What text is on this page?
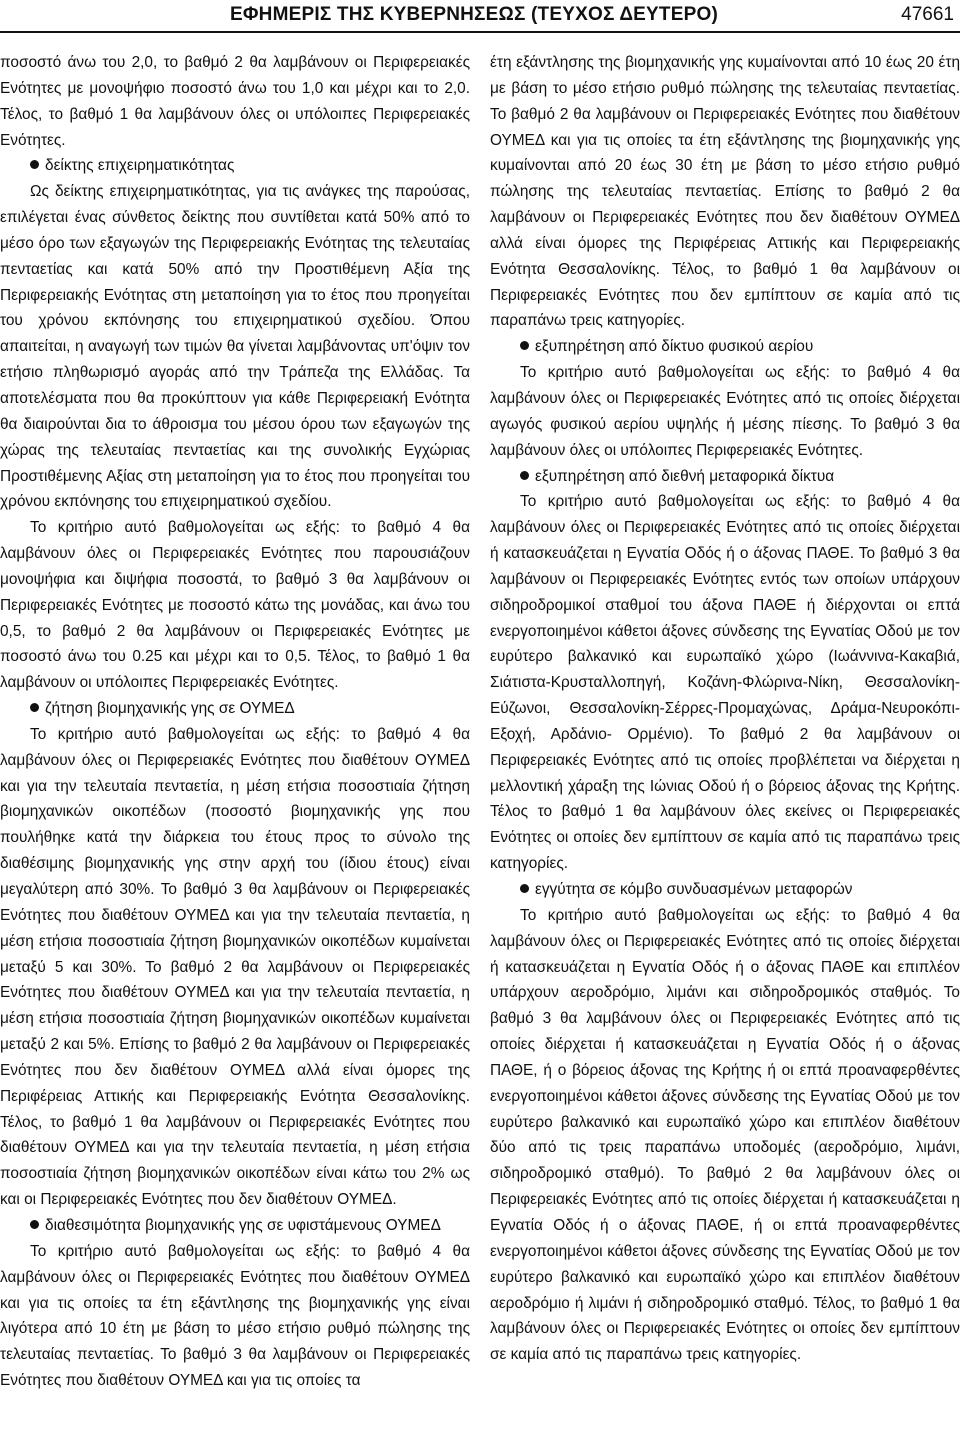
ΕΦΗΜΕΡΙΣ ΤΗΣ ΚΥΒΕΡΝΗΣΕΩΣ (ΤΕΥΧΟΣ ΔΕΥΤΕΡΟ)	47661

ποσοστό άνω του 2,0, το βαθμό 2 θα λαμβάνουν οι Περιφερειακές Ενότητες με μονοψήφιο ποσοστό άνω του 1,0 και μέχρι και το 2,0. Τέλος, το βαθμό 1 θα λαμβάνουν όλες οι υπόλοιπες Περιφερειακές Ενότητες.

δείκτης επιχειρηματικότητας

Ως δείκτης επιχειρηματικότητας, για τις ανάγκες της παρούσας, επιλέγεται ένας σύνθετος δείκτης που συντίθεται κατά 50% από το μέσο όρο των εξαγωγών της Περιφερειακής Ενότητας της τελευταίας πενταετίας και κατά 50% από την Προστιθέμενη Αξία της Περιφερειακής Ενότητας στη μεταποίηση για το έτος που προηγείται του χρόνου εκπόνησης του επιχειρηματικού σχεδίου. Όπου απαιτείται, η αναγωγή των τιμών θα γίνεται λαμβάνοντας υπ'όψιν τον ετήσιο πληθωρισμό αγοράς από την Τράπεζα της Ελλάδας. Τα αποτελέσματα που θα προκύπτουν για κάθε Περιφερειακή Ενότητα θα διαιρούνται δια το άθροισμα του μέσου όρου των εξαγωγών της χώρας της τελευταίας πενταετίας και της συνολικής Εγχώριας Προστιθέμενης Αξίας στη μεταποίηση για το έτος που προηγείται του χρόνου εκπόνησης του επιχειρηματικού σχεδίου.

Το κριτήριο αυτό βαθμολογείται ως εξής: το βαθμό 4 θα λαμβάνουν όλες οι Περιφερειακές Ενότητες που παρουσιάζουν μονοψήφια και διψήφια ποσοστά, το βαθμό 3 θα λαμβάνουν οι Περιφερειακές Ενότητες με ποσοστό κάτω της μονάδας, και άνω του 0,5, το βαθμό 2 θα λαμβάνουν οι Περιφερειακές Ενότητες με ποσοστό άνω του 0.25 και μέχρι και το 0,5. Τέλος, το βαθμό 1 θα λαμβάνουν οι υπόλοιπες Περιφερειακές Ενότητες.

ζήτηση βιομηχανικής γης σε ΟΥΜΕΔ

Το κριτήριο αυτό βαθμολογείται ως εξής: το βαθμό 4 θα λαμβάνουν όλες οι Περιφερειακές Ενότητες που διαθέτουν ΟΥΜΕΔ και για την τελευταία πενταετία, η μέση ετήσια ποσοστιαία ζήτηση βιομηχανικών οικοπέδων (ποσοστό βιομηχανικής γης που πουλήθηκε κατά την διάρκεια του έτους προς το σύνολο της διαθέσιμης βιομηχανικής γης στην αρχή του (ίδιου έτους) είναι μεγαλύτερη από 30%. Το βαθμό 3 θα λαμβάνουν οι Περιφερειακές Ενότητες που διαθέτουν ΟΥΜΕΔ και για την τελευταία πενταετία, η μέση ετήσια ποσοστιαία ζήτηση βιομηχανικών οικοπέδων κυμαίνεται μεταξύ 5 και 30%. Το βαθμό 2 θα λαμβάνουν οι Περιφερειακές Ενότητες που διαθέτουν ΟΥΜΕΔ και για την τελευταία πενταετία, η μέση ετήσια ποσοστιαία ζήτηση βιομηχανικών οικοπέδων κυμαίνεται μεταξύ 2 και 5%. Επίσης το βαθμό 2 θα λαμβάνουν οι Περιφερειακές Ενότητες που δεν διαθέτουν ΟΥΜΕΔ αλλά είναι όμορες της Περιφέρειας Αττικής και Περιφερειακής Ενότητα Θεσσαλονίκης. Τέλος, το βαθμό 1 θα λαμβάνουν οι Περιφερειακές Ενότητες που διαθέτουν ΟΥΜΕΔ και για την τελευταία πενταετία, η μέση ετήσια ποσοστιαία ζήτηση βιομηχανικών οικοπέδων είναι κάτω του 2% ως και οι Περιφερειακές Ενότητες που δεν διαθέτουν ΟΥΜΕΔ.

διαθεσιμότητα βιομηχανικής γης σε υφιστάμενους ΟΥΜΕΔ

Το κριτήριο αυτό βαθμολογείται ως εξής: το βαθμό 4 θα λαμβάνουν όλες οι Περιφερειακές Ενότητες που διαθέτουν ΟΥΜΕΔ και για τις οποίες τα έτη εξάντλησης της βιομηχανικής γης είναι λιγότερα από 10 έτη με βάση το μέσο ετήσιο ρυθμό πώλησης της τελευταίας πενταετίας. Το βαθμό 3 θα λαμβάνουν οι Περιφερειακές Ενότητες που διαθέτουν ΟΥΜΕΔ και για τις οποίες τα

έτη εξάντλησης της βιομηχανικής γης κυμαίνονται από 10 έως 20 έτη με βάση το μέσο ετήσιο ρυθμό πώλησης της τελευταίας πενταετίας. Το βαθμό 2 θα λαμβάνουν οι Περιφερειακές Ενότητες που διαθέτουν ΟΥΜΕΔ και για τις οποίες τα έτη εξάντλησης της βιομηχανικής γης κυμαίνονται από 20 έως 30 έτη με βάση το μέσο ετήσιο ρυθμό πώλησης της τελευταίας πενταετίας. Επίσης το βαθμό 2 θα λαμβάνουν οι Περιφερειακές Ενότητες που δεν διαθέτουν ΟΥΜΕΔ αλλά είναι όμορες της Περιφέρειας Αττικής και Περιφερειακής Ενότητα Θεσσαλονίκης. Τέλος, το βαθμό 1 θα λαμβάνουν οι Περιφερειακές Ενότητες που δεν εμπίπτουν σε καμία από τις παραπάνω τρεις κατηγορίες.

εξυπηρέτηση από δίκτυο φυσικού αερίου

Το κριτήριο αυτό βαθμολογείται ως εξής: το βαθμό 4 θα λαμβάνουν όλες οι Περιφερειακές Ενότητες από τις οποίες διέρχεται αγωγός φυσικού αερίου υψηλής ή μέσης πίεσης. Το βαθμό 3 θα λαμβάνουν όλες οι υπόλοιπες Περιφερειακές Ενότητες.

εξυπηρέτηση από διεθνή μεταφορικά δίκτυα

Το κριτήριο αυτό βαθμολογείται ως εξής: το βαθμό 4 θα λαμβάνουν όλες οι Περιφερειακές Ενότητες από τις οποίες διέρχεται ή κατασκευάζεται η Εγνατία Οδός ή ο άξονας ΠΑΘΕ. Το βαθμό 3 θα λαμβάνουν οι Περιφερειακές Ενότητες εντός των οποίων υπάρχουν σιδηροδρομικοί σταθμοί του άξονα ΠΑΘΕ ή διέρχονται οι επτά ενεργοποιημένοι κάθετοι άξονες σύνδεσης της Εγνατίας Οδού με τον ευρύτερο βαλκανικό και ευρωπαϊκό χώρο (Ιωάννινα-Κακαβιά, Σιάτιστα-Κρυσταλλοπηγή, Κοζάνη-Φλώρινα-Νίκη, Θεσσαλονίκη-Εύζωνοι, Θεσσαλονίκη-Σέρρες-Προμαχώνας, Δράμα-Νευροκόπι-Εξοχή, Αρδάνιο- Ορμένιο). Το βαθμό 2 θα λαμβάνουν οι Περιφερειακές Ενότητες από τις οποίες προβλέπεται να διέρχεται η μελλοντική χάραξη της Ιώνιας Οδού ή ο βόρειος άξονας της Κρήτης. Τέλος το βαθμό 1 θα λαμβάνουν όλες εκείνες οι Περιφερειακές Ενότητες οι οποίες δεν εμπίπτουν σε καμία από τις παραπάνω τρεις κατηγορίες.

εγγύτητα σε κόμβο συνδυασμένων μεταφορών

Το κριτήριο αυτό βαθμολογείται ως εξής: το βαθμό 4 θα λαμβάνουν όλες οι Περιφερειακές Ενότητες από τις οποίες διέρχεται ή κατασκευάζεται η Εγνατία Οδός ή ο άξονας ΠΑΘΕ και επιπλέον υπάρχουν αεροδρόμιο, λιμάνι και σιδηροδρομικός σταθμός. Το βαθμό 3 θα λαμβάνουν όλες οι Περιφερειακές Ενότητες από τις οποίες διέρχεται ή κατασκευάζεται η Εγνατία Οδός ή ο άξονας ΠΑΘΕ, ή ο βόρειος άξονας της Κρήτης ή οι επτά προαναφερθέντες ενεργοποιημένοι κάθετοι άξονες σύνδεσης της Εγνατίας Οδού με τον ευρύτερο βαλκανικό και ευρωπαϊκό χώρο και επιπλέον διαθέτουν δύο από τις τρεις παραπάνω υποδομές (αεροδρόμιο, λιμάνι, σιδηροδρομικό σταθμό). Το βαθμό 2 θα λαμβάνουν όλες οι Περιφερειακές Ενότητες από τις οποίες διέρχεται ή κατασκευάζεται η Εγνατία Οδός ή ο άξονας ΠΑΘΕ, ή οι επτά προαναφερθέντες ενεργοποιημένοι κάθετοι άξονες σύνδεσης της Εγνατίας Οδού με τον ευρύτερο βαλκανικό και ευρωπαϊκό χώρο και επιπλέον διαθέτουν αεροδρόμιο ή λιμάνι ή σιδηροδρομικό σταθμό. Τέλος, το βαθμό 1 θα λαμβάνουν όλες οι Περιφερειακές Ενότητες οι οποίες δεν εμπίπτουν σε καμία από τις παραπάνω τρεις κατηγορίες.
